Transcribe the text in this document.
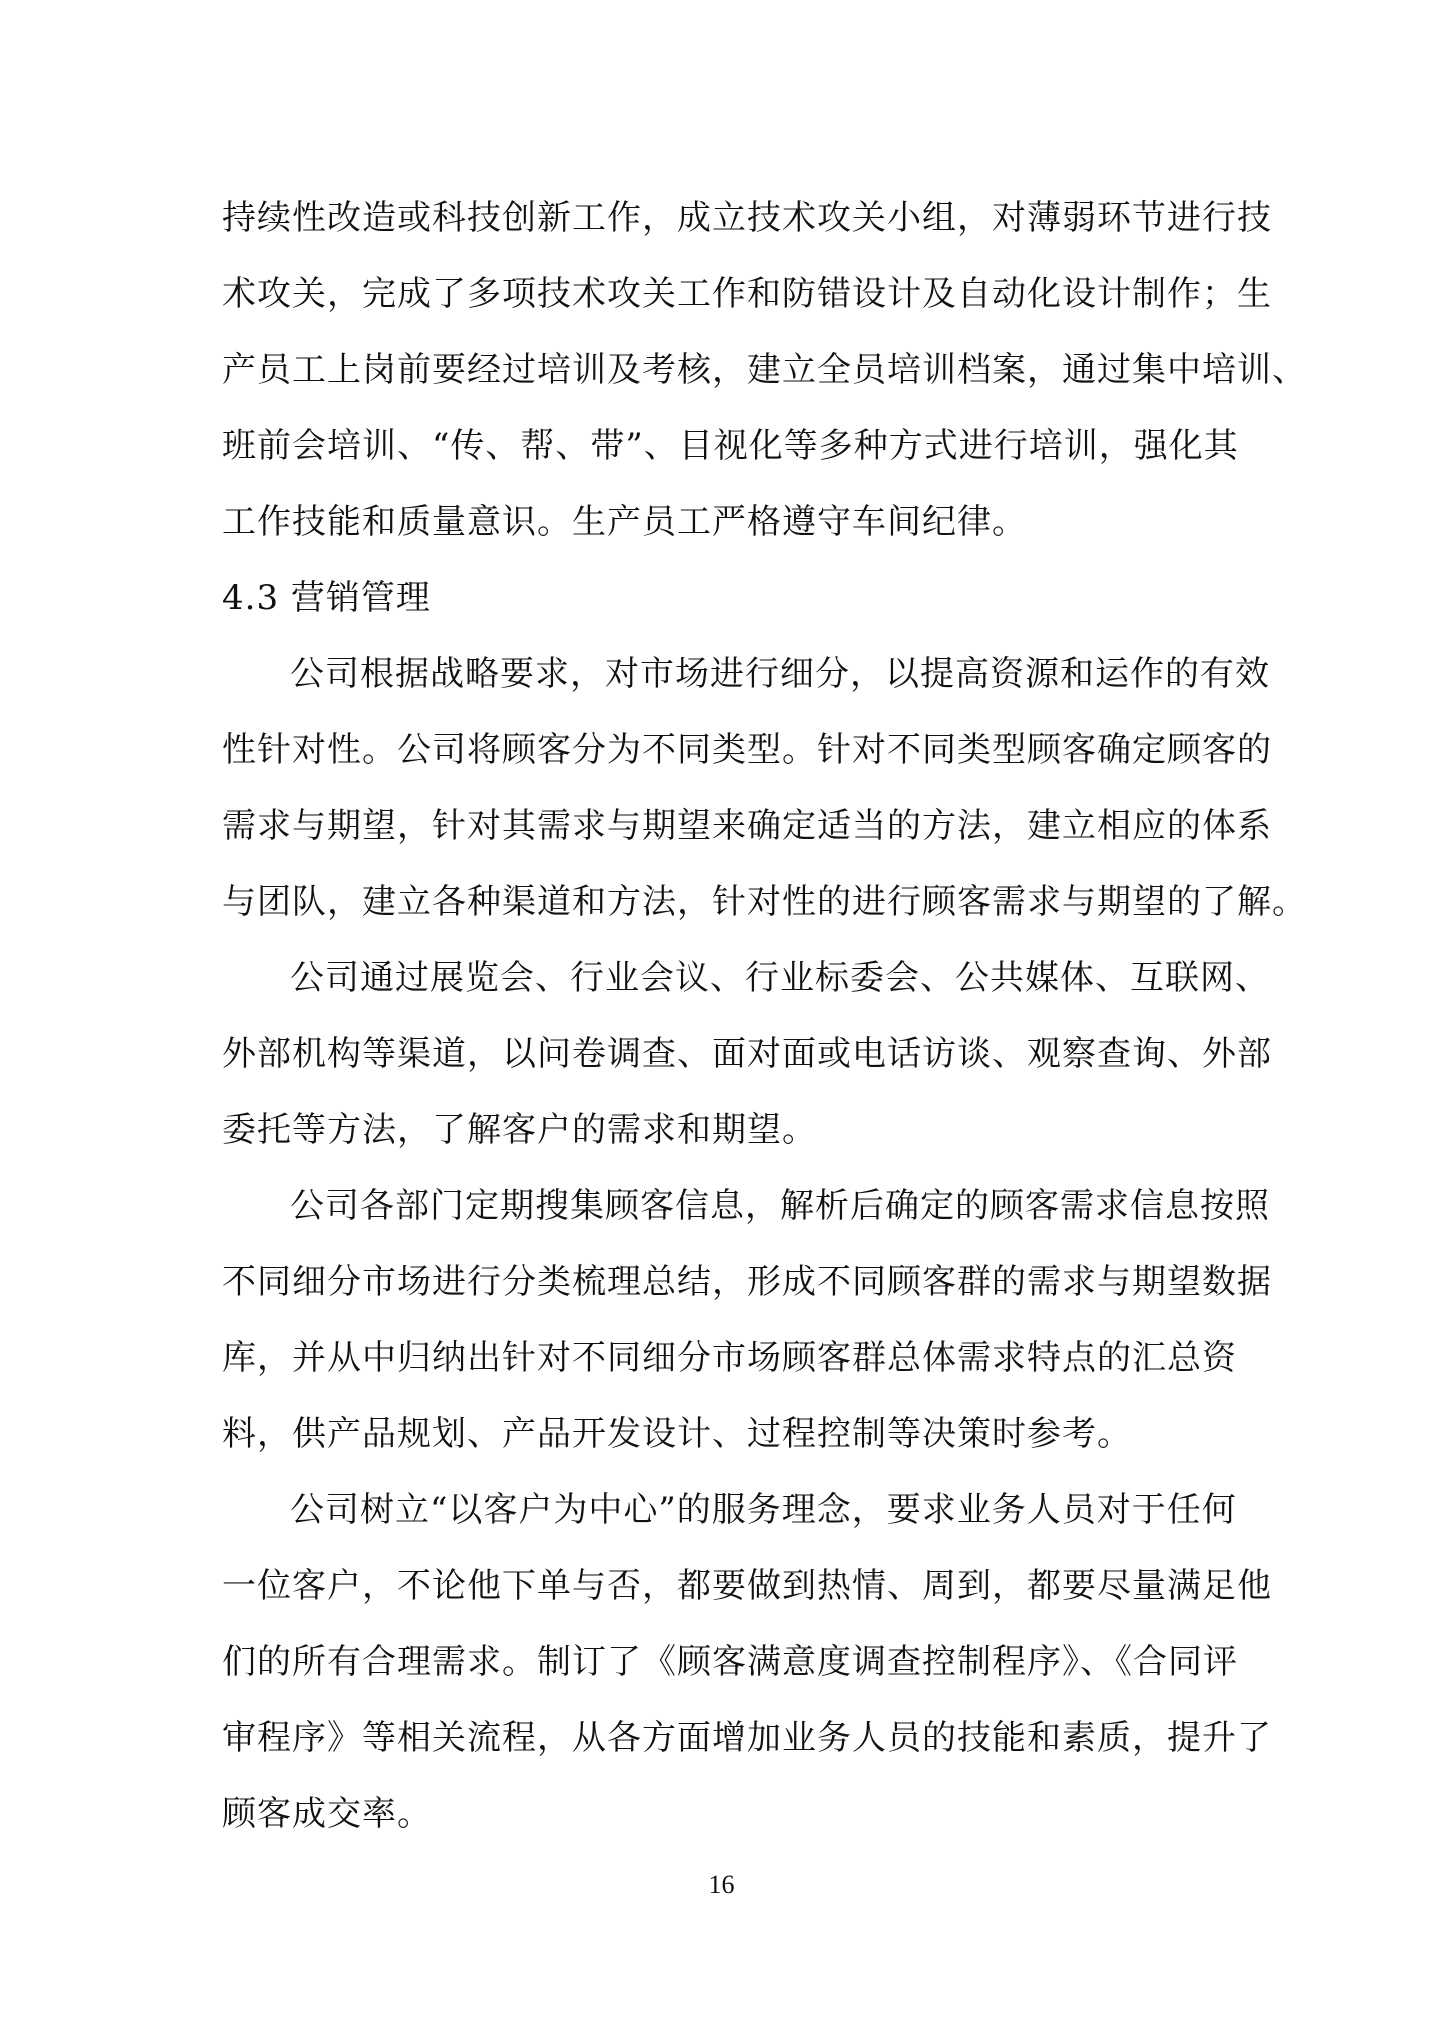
持续性改造或科技创新工作，成立技术攻关小组，对薄弱环节进行技
术攻关，完成了多项技术攻关工作和防错设计及自动化设计制作；生
产员工上岗前要经过培训及考核，建立全员培训档案，通过集中培训、
班前会培训、“传、帮、带”、目视化等多种方式进行培训，强化其
工作技能和质量意识。生产员工严格遵守车间纪律。
4.3 营销管理
公司根据战略要求，对市场进行细分，以提高资源和运作的有效
性针对性。公司将顾客分为不同类型。针对不同类型顾客确定顾客的
需求与期望，针对其需求与期望来确定适当的方法，建立相应的体系
与团队，建立各种渠道和方法，针对性的进行顾客需求与期望的了解。
公司通过展览会、行业会议、行业标委会、公共媒体、互联网、
外部机构等渠道，以问卷调查、面对面或电话访谈、观察查询、外部
委托等方法，了解客户的需求和期望。
公司各部门定期搜集顾客信息，解析后确定的顾客需求信息按照
不同细分市场进行分类梳理总结，形成不同顾客群的需求与期望数据
库，并从中归纳出针对不同细分市场顾客群总体需求特点的汇总资
料，供产品规划、产品开发设计、过程控制等决策时参考。
公司树立“以客户为中心”的服务理念，要求业务人员对于任何
一位客户，不论他下单与否，都要做到热情、周到，都要尽量满足他
们的所有合理需求。制订了《顾客满意度调查控制程序》、《合同评
审程序》等相关流程，从各方面增加业务人员的技能和素质，提升了
顾客成交率。
16
